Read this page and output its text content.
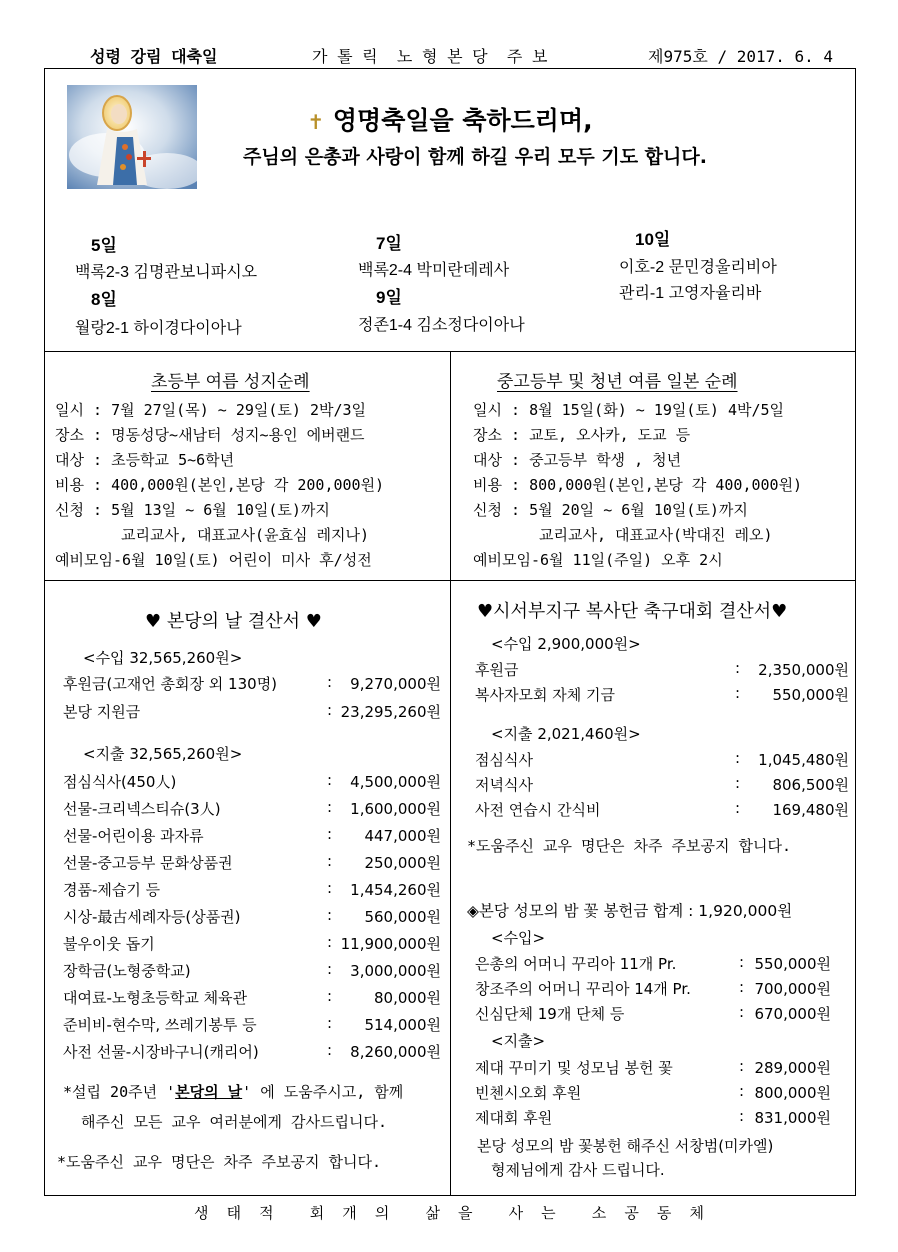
성령 강림 대축일	가 톨 릭  노 형 본 당  주 보	제975호 / 2017. 6. 4
✝ 영명축일을 축하드리며,
주님의 은총과 사랑이 함께 하길 우리 모두 기도 합니다.
5일
백록2-3 김명관보니파시오
7일
백록2-4 박미란데레사
10일
이호-2 문민경울리비아
관리-1 고영자율리바
8일
월랑2-1 하이경다이아나
9일
정존1-4 김소정다이아나
초등부 여름 성지순례
일시 : 7월 27일(목) ~ 29일(토) 2박/3일
장소 : 명동성당~새남터 성지~용인 에버랜드
대상 : 초등학교 5~6학년
비용 : 400,000원(본인,본당 각 200,000원)
신청 : 5월 13일 ~ 6월 10일(토)까지
교리교사, 대표교사(윤효심 레지나)
예비모임-6월 10일(토) 어린이 미사 후/성전
중고등부 및 청년 여름 일본 순례
일시 : 8월 15일(화) ~ 19일(토) 4박/5일
장소 : 교토, 오사카, 도교 등
대상 : 중고등부 학생 , 청년
비용 : 800,000원(본인,본당 각 400,000원)
신청 : 5월 20일 ~ 6월 10일(토)까지
교리교사, 대표교사(박대진 레오)
예비모임-6월 11일(주일) 오후 2시
♥ 본당의 날 결산서 ♥
<수입 32,565,260원>
후원금(고재언 총회장 외 130명)	:	9,270,000원
본당 지원금	: 23,295,260원
<지출 32,565,260원>
점심식사(450人)	:	4,500,000원
선물-크리넥스티슈(3人)	:	1,600,000원
선물-어린이용 과자류	:	447,000원
선물-중고등부 문화상품권	:	250,000원
경품-제습기 등	:	1,454,260원
시상-最古세례자등(상품권)	:	560,000원
불우이웃 돕기	: 11,900,000원
장학금(노형중학교)	:	3,000,000원
대여료-노형초등학교 체육관	:	80,000원
준비비-현수막, 쓰레기봉투 등	:	514,000원
사전 선물-시장바구니(캐리어)	:	8,260,000원
*설립 20주년 '본당의 날' 에 도움주시고, 함께
해주신 모든 교우 여러분에게 감사드립니다.
*도움주신 교우 명단은 차주 주보공지 합니다.
♥시서부지구 복사단 축구대회 결산서♥
<수입 2,900,000원>
후원금	:	2,350,000원
복사자모회 자체 기금	:	550,000원
<지출 2,021,460원>
점심식사	:	1,045,480원
저녁식사	:	806,500원
사전 연습시 간식비	:	169,480원
*도움주신 교우 명단은 차주 주보공지 합니다.
◈본당 성모의 밤 꽃 봉헌금 합계 : 1,920,000원
<수입>
은총의 어머니 꾸리아 11개 Pr.	: 550,000원
창조주의 어머니 꾸리아 14개 Pr.	: 700,000원
신심단체 19개 단체 등	: 670,000원
<지출>
제대 꾸미기 및 성모님 봉헌 꽃	: 289,000원
빈첸시오회 후원	: 800,000원
제대회 후원	: 831,000원
본당 성모의 밤 꽃봉헌 해주신 서창범(미카엘)
형제님에게 감사 드립니다.
생  태  적    회  개  의    삶  을    사  는    소  공  동  체
